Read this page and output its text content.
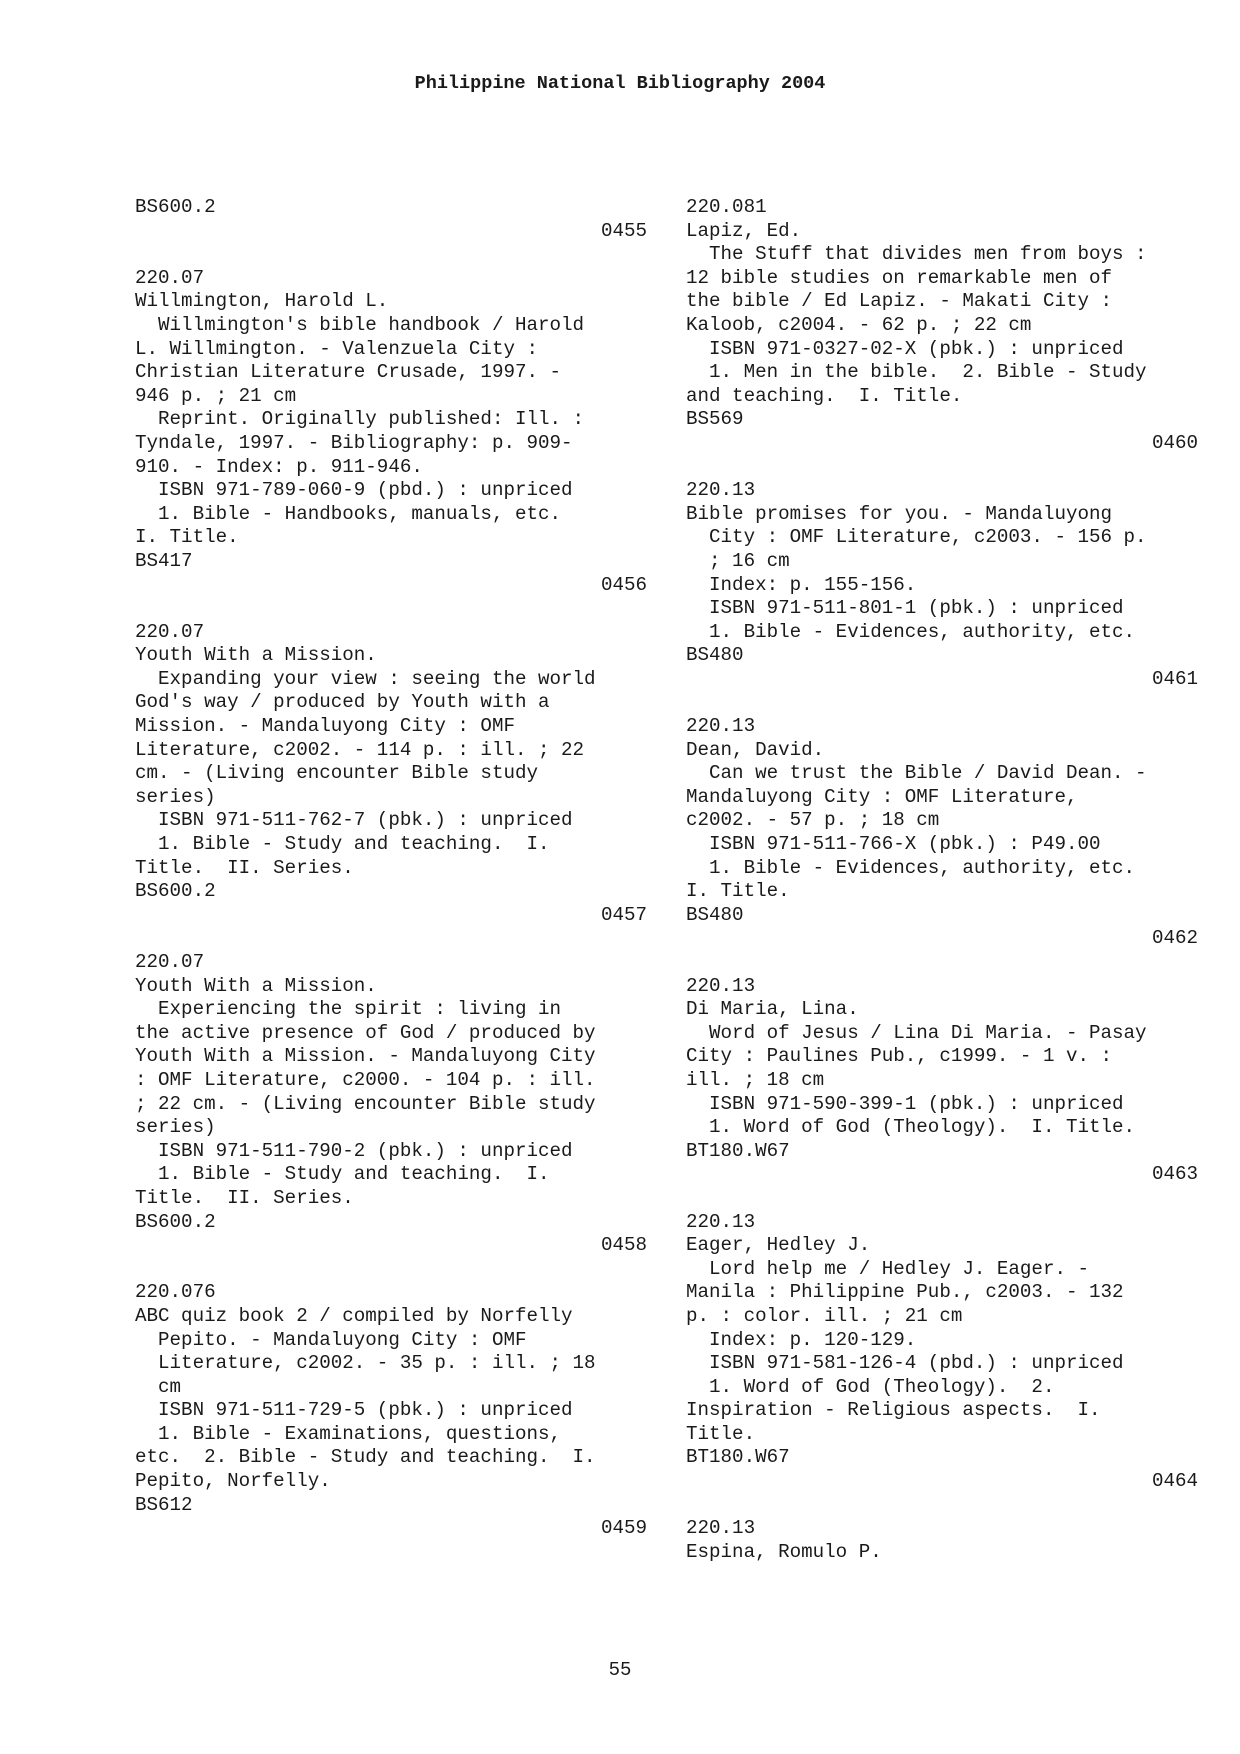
Philippine National Bibliography 2004
BS600.2
0455
220.07
Willmington, Harold L.
Willmington's bible handbook / Harold
L. Willmington. - Valenzuela City :
Christian Literature Crusade, 1997. -
946 p. ; 21 cm
Reprint. Originally published: Ill. :
Tyndale, 1997. - Bibliography: p. 909-
910. - Index: p. 911-946.
ISBN 971-789-060-9 (pbd.) : unpriced
1. Bible - Handbooks, manuals, etc.
I. Title.
BS417
0456
220.07
Youth With a Mission.
Expanding your view : seeing the world
God's way / produced by Youth with a
Mission. - Mandaluyong City : OMF
Literature, c2002. - 114 p. : ill. ; 22
cm. - (Living encounter Bible study
series)
ISBN 971-511-762-7 (pbk.) : unpriced
1. Bible - Study and teaching.  I.
Title.  II. Series.
BS600.2
0457
220.07
Youth With a Mission.
Experiencing the spirit : living in
the active presence of God / produced by
Youth With a Mission. - Mandaluyong City
: OMF Literature, c2000. - 104 p. : ill.
; 22 cm. - (Living encounter Bible study
series)
ISBN 971-511-790-2 (pbk.) : unpriced
1. Bible - Study and teaching.  I.
Title.  II. Series.
BS600.2
0458
220.076
ABC quiz book 2 / compiled by Norfelly
Pepito. - Mandaluyong City : OMF
Literature, c2002. - 35 p. : ill. ; 18
cm
ISBN 971-511-729-5 (pbk.) : unpriced
1. Bible - Examinations, questions,
etc.  2. Bible - Study and teaching.  I.
Pepito, Norfelly.
BS612
0459
220.081
Lapiz, Ed.
The Stuff that divides men from boys :
12 bible studies on remarkable men of
the bible / Ed Lapiz. - Makati City :
Kaloob, c2004. - 62 p. ; 22 cm
ISBN 971-0327-02-X (pbk.) : unpriced
1. Men in the bible.  2. Bible - Study
and teaching.  I. Title.
BS569
0460
220.13
Bible promises for you. - Mandaluyong
City : OMF Literature, c2003. - 156 p.
; 16 cm
Index: p. 155-156.
ISBN 971-511-801-1 (pbk.) : unpriced
1. Bible - Evidences, authority, etc.
BS480
0461
220.13
Dean, David.
Can we trust the Bible / David Dean. -
Mandaluyong City : OMF Literature,
c2002. - 57 p. ; 18 cm
ISBN 971-511-766-X (pbk.) : P49.00
1. Bible - Evidences, authority, etc.
I. Title.
BS480
0462
220.13
Di Maria, Lina.
Word of Jesus / Lina Di Maria. - Pasay
City : Paulines Pub., c1999. - 1 v. :
ill. ; 18 cm
ISBN 971-590-399-1 (pbk.) : unpriced
1. Word of God (Theology).  I. Title.
BT180.W67
0463
220.13
Eager, Hedley J.
Lord help me / Hedley J. Eager. -
Manila : Philippine Pub., c2003. - 132
p. : color. ill. ; 21 cm
Index: p. 120-129.
ISBN 971-581-126-4 (pbd.) : unpriced
1. Word of God (Theology).  2.
Inspiration - Religious aspects.  I.
Title.
BT180.W67
0464
220.13
Espina, Romulo P.
55
